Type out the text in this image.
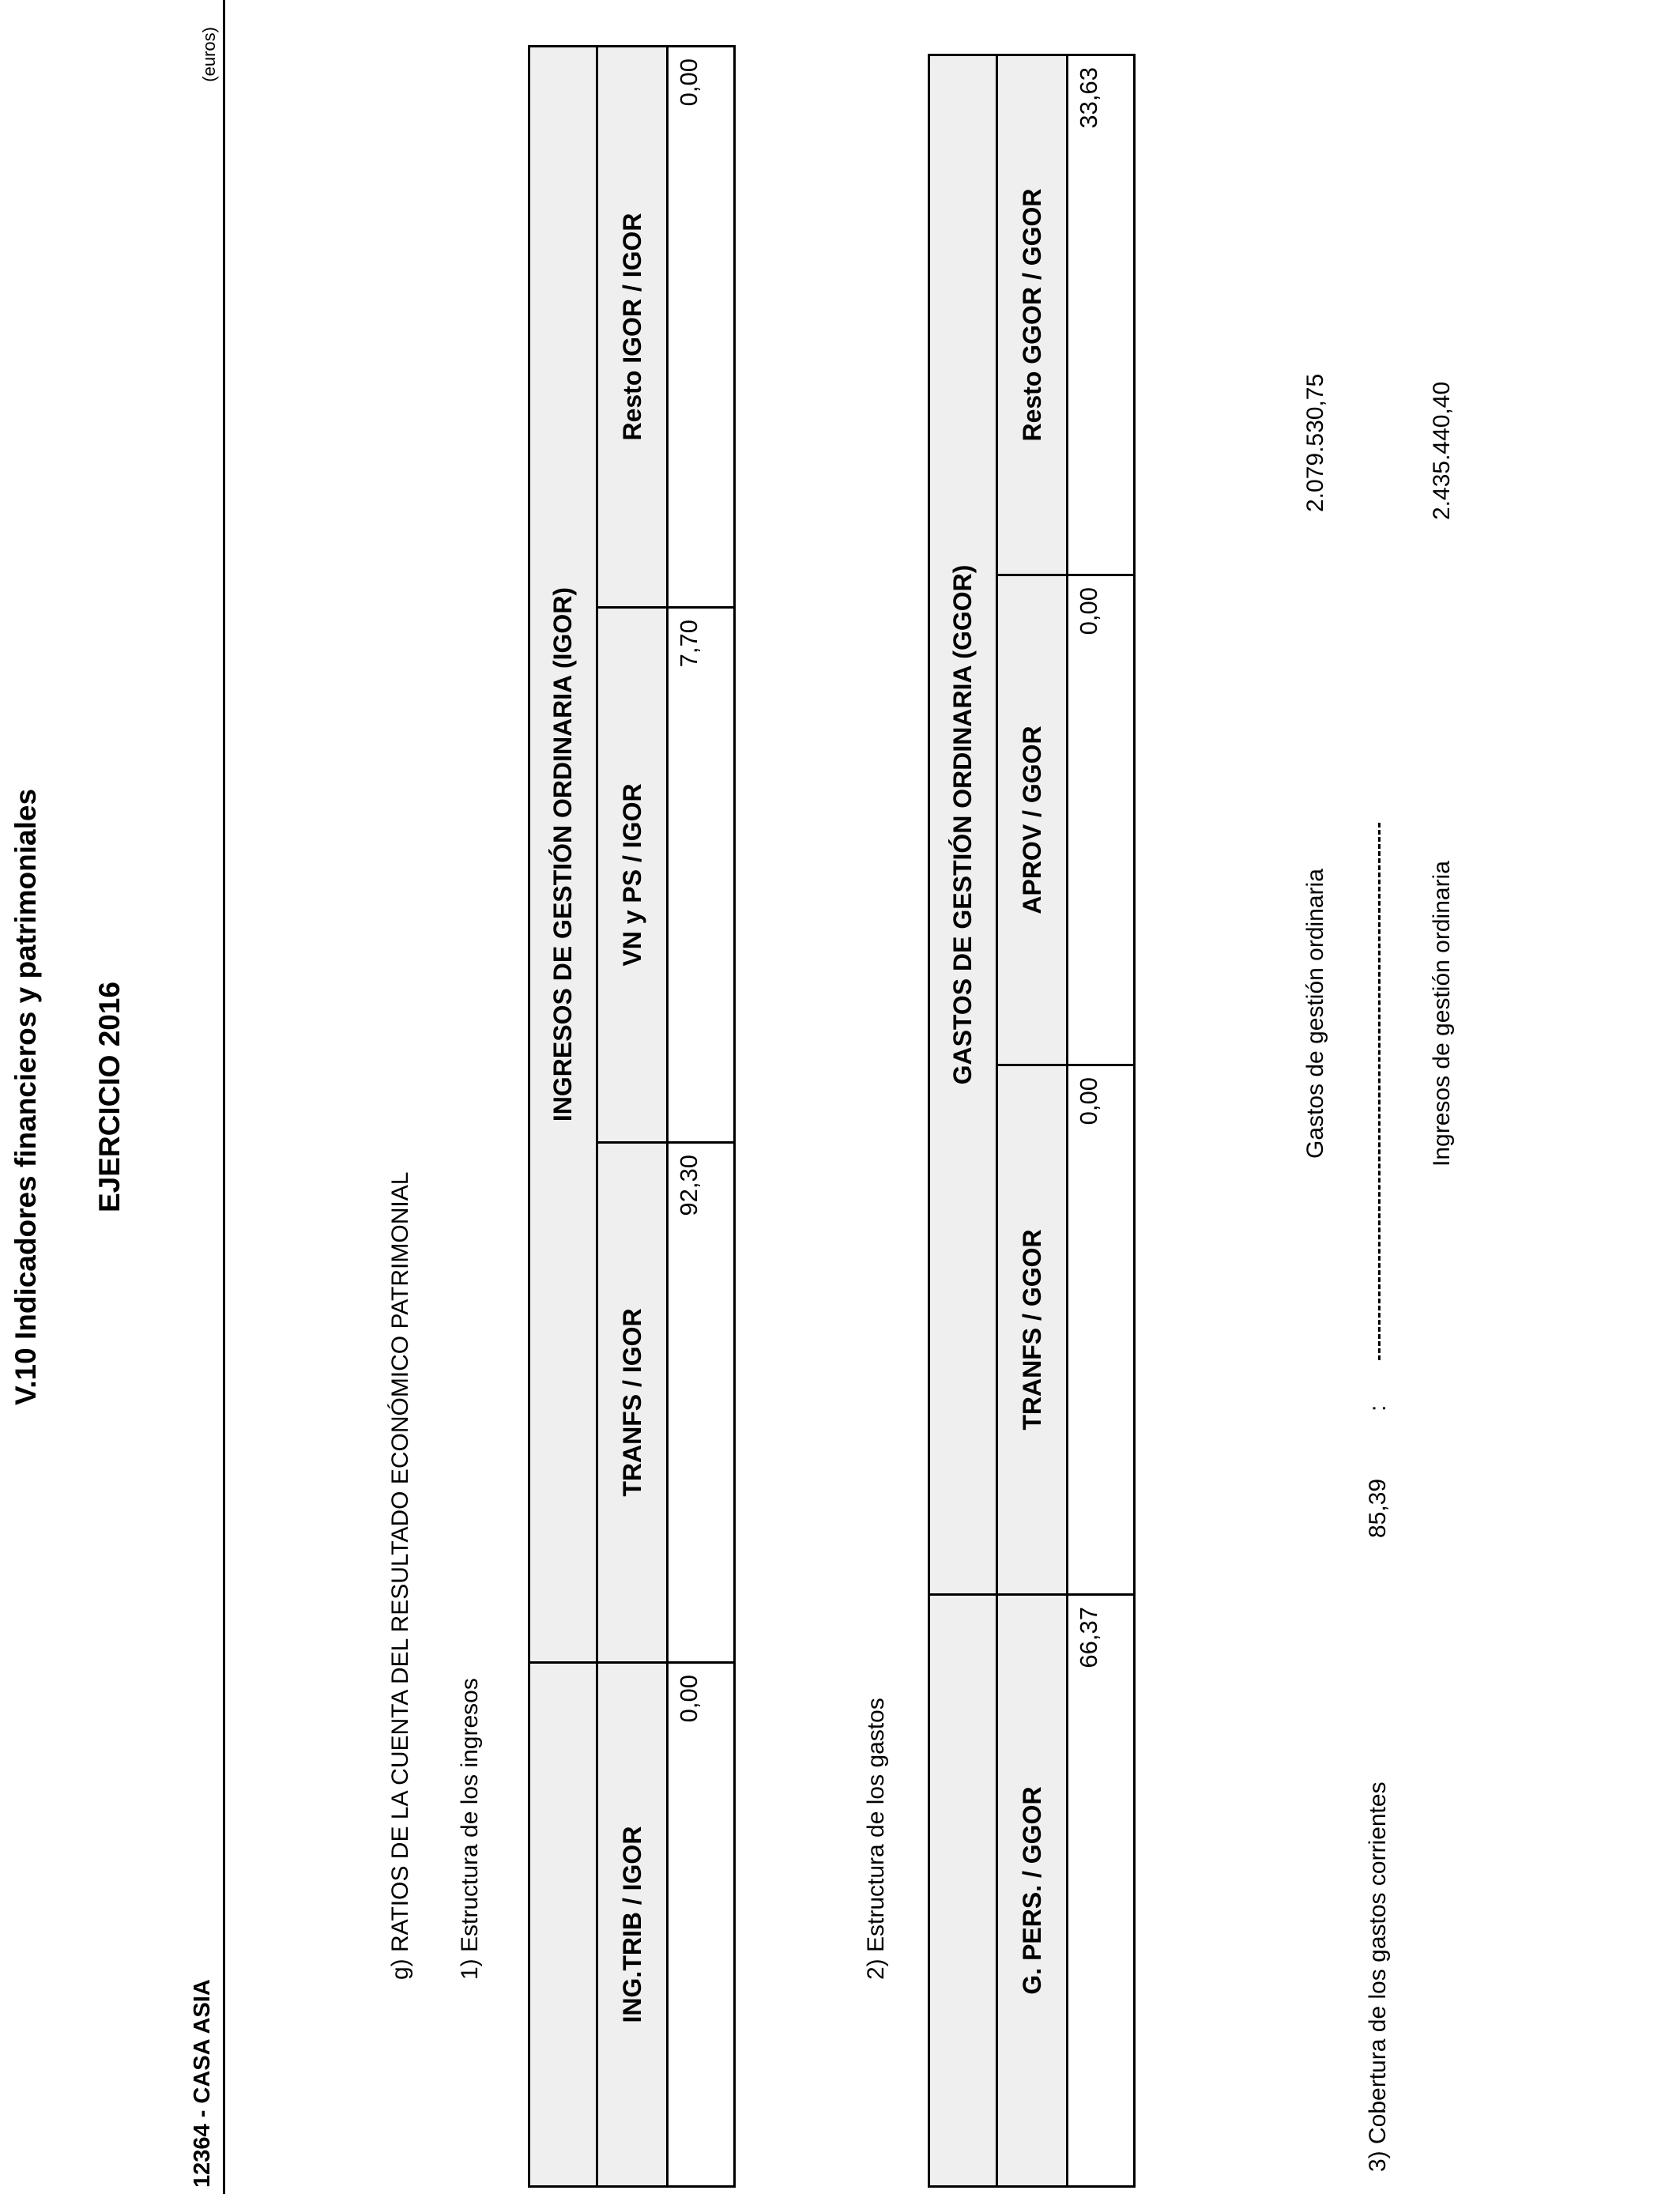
V.10 Indicadores financieros y patrimoniales EJERCICIO 2016
12364 - CASA ASIA
(euros)
g) RATIOS DE LA CUENTA DEL RESULTADO ECONÓMICO PATRIMONIAL 1) Estructura de los ingresos
	INGRESOS DE GESTIÓN ORDINARIA (IGOR)		
ING.TRIB / IGOR	TRANFS / IGOR	VN y PS / IGOR	Resto IGOR / IGOR
0,00	92,30	7,70	0,00
2) Estructura de los gastos
	GASTOS DE GESTIÓN ORDINARIA (GGOR)		
G. PERS. / GGOR	TRANFS / GGOR	APROV / GGOR	Resto GGOR / GGOR
66,37	0,00	0,00	33,63
3) Cobertura de los gastos corrientes
85,39
:
Gastos de gestión ordinaria
2.079.530,75
Ingresos de gestión ordinaria
2.435.440,40
